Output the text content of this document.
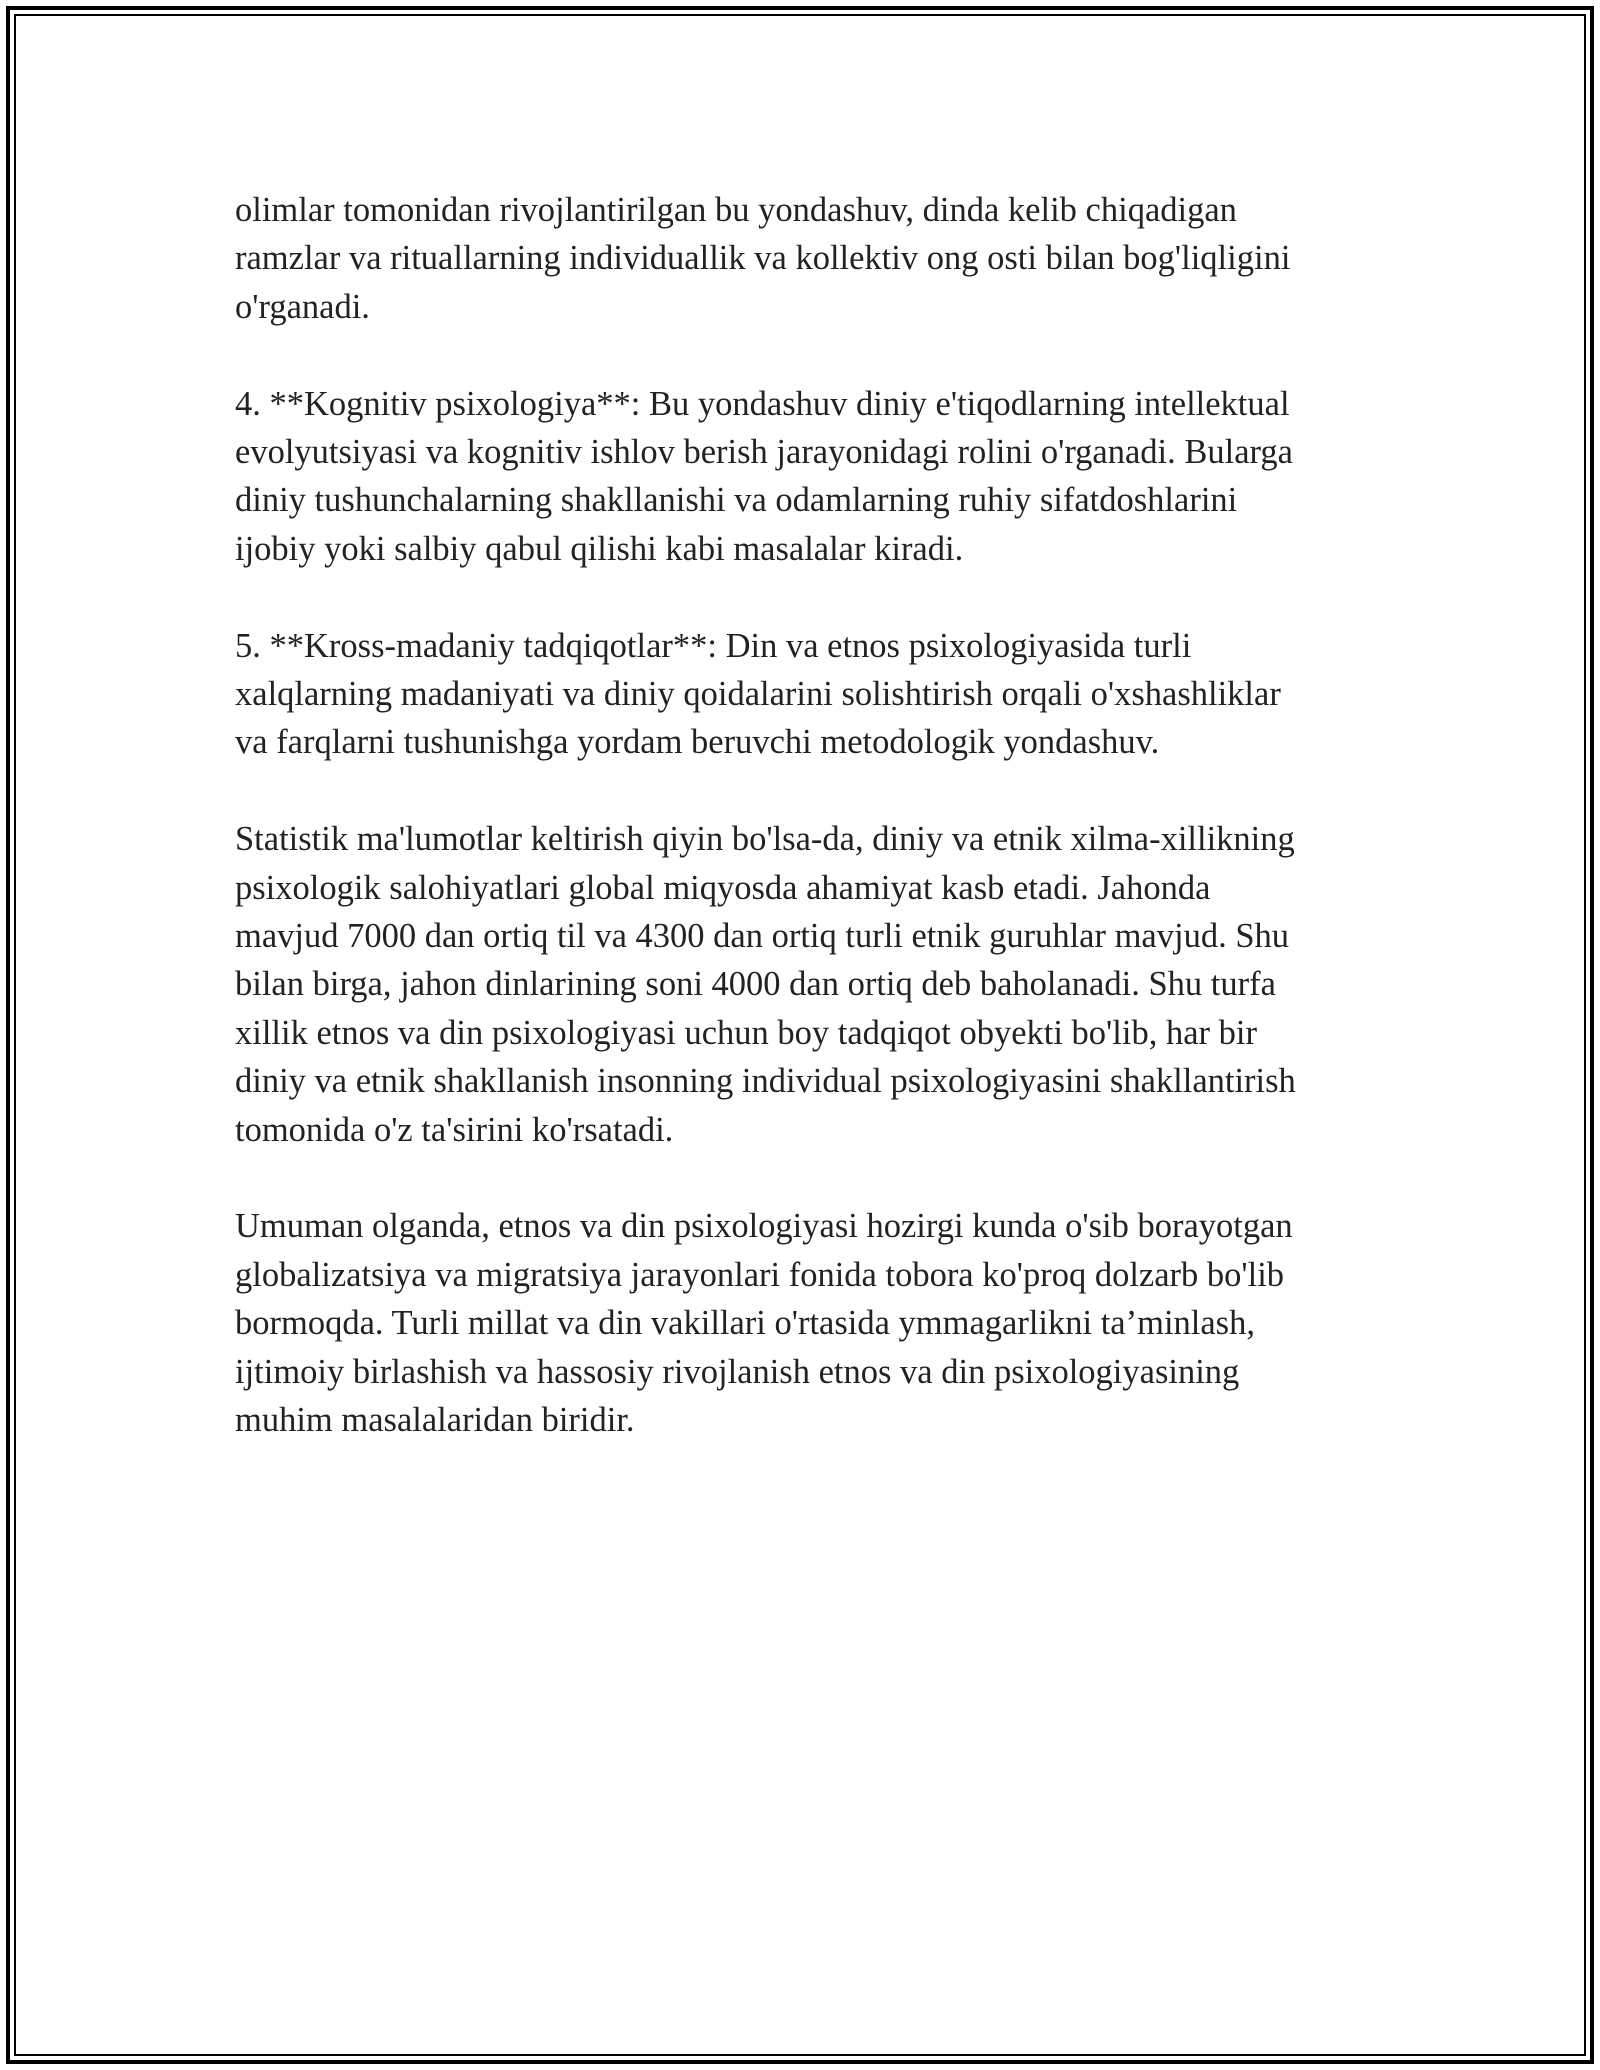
olimlar tomonidan rivojlantirilgan bu yondashuv, dinda kelib chiqadigan
ramzlar va rituallarning individuallik va kollektiv ong osti bilan bog'liqligini
o'rganadi.

4. **Kognitiv psixologiya**: Bu yondashuv diniy e'tiqodlarning intellektual
evolyutsiyasi va kognitiv ishlov berish jarayonidagi rolini o'rganadi. Bularga
diniy tushunchalarning shakllanishi va odamlarning ruhiy sifatdoshlarini
ijobiy yoki salbiy qabul qilishi kabi masalalar kiradi.

5. **Kross-madaniy tadqiqotlar**: Din va etnos psixologiyasida turli
xalqlarning madaniyati va diniy qoidalarini solishtirish orqali o'xshashliklar
va farqlarni tushunishga yordam beruvchi metodologik yondashuv.

Statistik ma'lumotlar keltirish qiyin bo'lsa-da, diniy va etnik xilma-xillikning
psixologik salohiyatlari global miqyosda ahamiyat kasb etadi. Jahonda
mavjud 7000 dan ortiq til va 4300 dan ortiq turli etnik guruhlar mavjud. Shu
bilan birga, jahon dinlarining soni 4000 dan ortiq deb baholanadi. Shu turfa
xillik etnos va din psixologiyasi uchun boy tadqiqot obyekti bo'lib, har bir
diniy va etnik shakllanish insonning individual psixologiyasini shakllantirish
tomonida o'z ta'sirini ko'rsatadi.

Umuman olganda, etnos va din psixologiyasi hozirgi kunda o'sib borayotgan
globalizatsiya va migratsiya jarayonlari fonida tobora ko'proq dolzarb bo'lib
bormoqda. Turli millat va din vakillari o'rtasida ymmagarlikni ta’minlash,
ijtimoiy birlashish va hassosiy rivojlanish etnos va din psixologiyasining
muhim masalalaridan biridir.
